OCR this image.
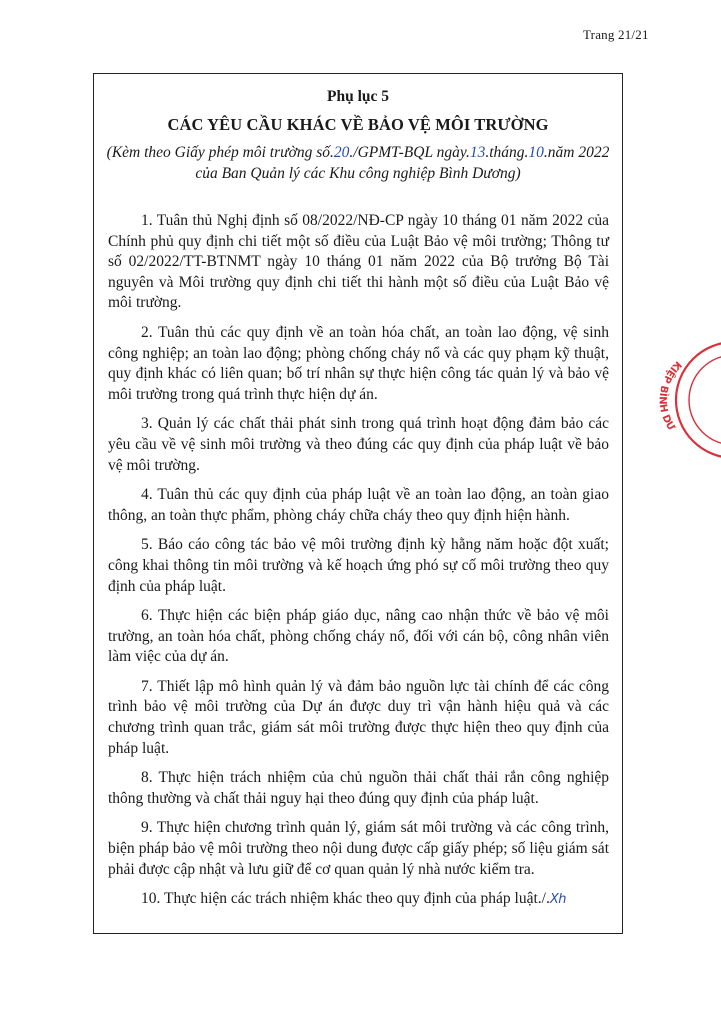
Trang 21/21
Phụ lục 5
CÁC YÊU CẦU KHÁC VỀ BẢO VỆ MÔI TRƯỜNG
(Kèm theo Giấy phép môi trường số.20./GPMT-BQL ngày.13.tháng.10.năm 2022
của Ban Quản lý các Khu công nghiệp Bình Dương)

1. Tuân thủ Nghị định số 08/2022/NĐ-CP ngày 10 tháng 01 năm 2022 của Chính phủ quy định chi tiết một số điều của Luật Bảo vệ môi trường; Thông tư số 02/2022/TT-BTNMT ngày 10 tháng 01 năm 2022 của Bộ trưởng Bộ Tài nguyên và Môi trường quy định chi tiết thi hành một số điều của Luật Bảo vệ môi trường.

2. Tuân thủ các quy định về an toàn hóa chất, an toàn lao động, vệ sinh công nghiệp; an toàn lao động; phòng chống cháy nổ và các quy phạm kỹ thuật, quy định khác có liên quan; bố trí nhân sự thực hiện công tác quản lý và bảo vệ môi trường trong quá trình thực hiện dự án.

3. Quản lý các chất thải phát sinh trong quá trình hoạt động đảm bảo các yêu cầu về vệ sinh môi trường và theo đúng các quy định của pháp luật về bảo vệ môi trường.

4. Tuân thủ các quy định của pháp luật về an toàn lao động, an toàn giao thông, an toàn thực phẩm, phòng cháy chữa cháy theo quy định hiện hành.

5. Báo cáo công tác bảo vệ môi trường định kỳ hằng năm hoặc đột xuất; công khai thông tin môi trường và kế hoạch ứng phó sự cố môi trường theo quy định của pháp luật.

6. Thực hiện các biện pháp giáo dục, nâng cao nhận thức về bảo vệ môi trường, an toàn hóa chất, phòng chống cháy nổ, đối với cán bộ, công nhân viên làm việc của dự án.

7. Thiết lập mô hình quản lý và đảm bảo nguồn lực tài chính để các công trình bảo vệ môi trường của Dự án được duy trì vận hành hiệu quả và các chương trình quan trắc, giám sát môi trường được thực hiện theo quy định của pháp luật.

8. Thực hiện trách nhiệm của chủ nguồn thải chất thải rắn công nghiệp thông thường và chất thải nguy hại theo đúng quy định của pháp luật.

9. Thực hiện chương trình quản lý, giám sát môi trường và các công trình, biện pháp bảo vệ môi trường theo nội dung được cấp giấy phép; số liệu giám sát phải được cập nhật và lưu giữ để cơ quan quản lý nhà nước kiểm tra.

10. Thực hiện các trách nhiệm khác theo quy định của pháp luật./.Xh

KIỆP BÌNH DƯ
